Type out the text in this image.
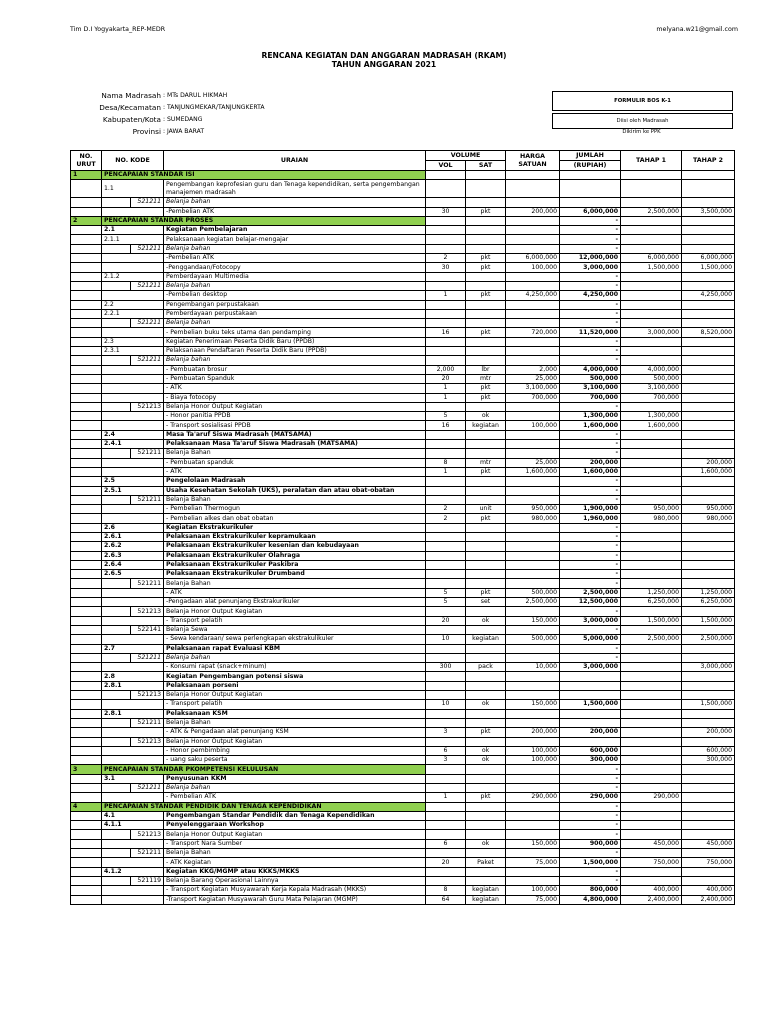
Tim D.I Yogyakarta_REP-MEDR	melyana.w21@gmail.com
RENCANA KEGIATAN DAN ANGGARAN MADRASAH (RKAM)
TAHUN ANGGARAN 2021
Nama Madrasah : MTs DARUL HIKMAH
Desa/Kecamatan : TANJUNGMEKAR/TANJUNGKERTA
Kabupaten/Kota : SUMEDANG
Provinsi : JAWA BARAT
FORMULIR BOS K-1
Diisi oleh Madrasah
Dikirim ke PPK
NO. URUT	NO. KODE		URAIAN	VOLUME		HARGA SATUAN	JUMLAH	TAHAP 1	TAHAP 2
				VOL	SAT		(RUPIAH)		
1	PENCAPAIAN STANDAR ISI								
	1.1		Pengembangan keprofesian guru dan Tenaga kependidikan, serta pengembangan manajemen madrasah						
		521211	Belanja bahan						
			-Pembelian ATK	30	pkt	200,000	6,000,000	2,500,000	3,500,000
2	PENCAPAIAN STANDAR PROSES						-		
	2.1		Kegiatan Pembelajaran				-		
	2.1.1		Pelaksanaan kegiatan belajar-mengajar				-		
		521211	Belanja bahan				-		
			-Pembelian ATK	2	pkt	6,000,000	12,000,000	6,000,000	6,000,000
			-Penggandaan/Fotocopy	30	pkt	100,000	3,000,000	1,500,000	1,500,000
	2.1.2		Pemberdayaan Multimedia				-		
		521211	Belanja bahan				-		
			-Pembelian desktop	1	pkt	4,250,000	4,250,000		4,250,000
	2.2		Pengembangan perpustakaan				-		
	2.2.1		Pemberdayaan perpustakaan				-		
		521211	Belanja bahan				-		
			- Pembelian buku teks utama dan pendamping	16	pkt	720,000	11,520,000	3,000,000	8,520,000
	2.3		Kegiatan Penerimaan Peserta Didik Baru (PPDB)				-		
	2.3.1		Pelaksanaan Pendaftaran Peserta Didik Baru (PPDB)				-		
		521211	Belanja bahan				-		
			- Pembuatan brosur	2,000	lbr	2,000	4,000,000	4,000,000	
			- Pembuatan Spanduk	20	mtr	25,000	500,000	500,000	
			- ATK	1	pkt	3,100,000	3,100,000	3,100,000	
			- Biaya fotocopy	1	pkt	700,000	700,000	700,000	
		521213	Belanja Honor Output Kegiatan				-		
			- Honor panitia PPDB	5	ok		1,300,000	1,300,000	
			- Transport sosialisasi PPDB	16	kegiatan	100,000	1,600,000	1,600,000	
	2.4		Masa Ta'aruf Siswa Madrasah (MATSAMA)				-		
	2.4.1		Pelaksanaan Masa Ta'aruf Siswa Madrasah (MATSAMA)				-		
		521211	Belanja Bahan				-		
			- Pembuatan spanduk	8	mtr	25,000	200,000		200,000
			- ATK	1	pkt	1,600,000	1,600,000		1,600,000
	2.5		Pengelolaan Madrasah				-		
	2.5.1		Usaha Kesehatan Sekolah (UKS), peralatan dan atau obat-obatan				-		
		521211	Belanja Bahan				-		
			- Pembelian Thermogun	2	unit	950,000	1,900,000	950,000	950,000
			- Pembelian alkes dan obat obatan	2	pkt	980,000	1,960,000	980,000	980,000
	2.6		Kegiatan Ekstrakurikuler				-		
	2.6.1		Pelaksanaan Ekstrakurikuler kepramukaan				-		
	2.6.2		Pelaksanaan Ekstrakurikuler kesenian dan kebudayaan				-		
	2.6.3		Pelaksanaan Ekstrakurikuler Olahraga				-		
	2.6.4		Pelaksanaan Ekstrakurikuler Paskibra				-		
	2.6.5		Pelaksanaan Ekstrakurikuler Drumband				-		
		521211	Belanja Bahan				-		
			- ATK	5	pkt	500,000	2,500,000	1,250,000	1,250,000
			-Pengadaan alat penunjang Ekstrakurikuler	5	set	2,500,000	12,500,000	6,250,000	6,250,000
		521213	Belanja Honor Output Kegiatan				-		
			- Transport pelatih	20	ok	150,000	3,000,000	1,500,000	1,500,000
		522141	Belanja Sewa				-		
			- Sewa kendaraan/ sewa perlengkapan ekstrakulikuler	10	kegiatan	500,000	5,000,000	2,500,000	2,500,000
	2.7		Pelaksanaan rapat Evaluasi KBM				-		
		521211	Belanja bahan				-		
			- Konsumi rapat (snack+minum)	300	pack	10,000	3,000,000		3,000,000
	2.8		Kegiatan Pengembangan potensi siswa						
	2.8.1		Pelaksanaan porseni						
		521213	Belanja Honor Output Kegiatan						
			- Transport pelatih	10	ok	150,000	1,500,000		1,500,000
	2.8.1		Pelaksanaan KSM						
		521211	Belanja Bahan						
			- ATK & Pengadaan alat penunjang KSM	3	pkt	200,000	200,000		200,000
		521213	Belanja Honor Output Kegiatan						
			- Honor pembimbing	6	ok	100,000	600,000		600,000
			- uang saku peserta	3	ok	100,000	300,000		300,000
3	PENCAPAIAN STANDAR PKOMPETENSI KELULUSAN						-		
	3.1		Penyusunan KKM				-		
		521211	Belanja bahan				-		
			- Pembelian ATK	1	pkt	290,000	290,000	290,000	
4	PENCAPAIAN STANDAR PENDIDIK DAN TENAGA KEPENDIDIKAN						-		
	4.1		Pengembangan Standar Pendidik dan Tenaga Kependidikan				-		
	4.1.1		Penyelenggaraan Workshop				-		
		521213	Belanja Honor Output Kegiatan				-		
			- Transport Nara Sumber	6	ok	150,000	900,000	450,000	450,000
		521211	Belanja Bahan				-		
			- ATK Kegiatan	20	Paket	75,000	1,500,000	750,000	750,000
	4.1.2		Kegiatan KKG/MGMP atau KKKS/MKKS				-		
		521119	Belanja Barang Operasional Lainnya				-		
			- Transport Kegiatan Musyawarah Kerja Kepala Madrasah (MKKS)	8	kegiatan	100,000	800,000	400,000	400,000
			-Transport Kegiatan Musyawarah Guru Mata Pelajaran (MGMP)	64	kegiatan	75,000	4,800,000	2,400,000	2,400,000
